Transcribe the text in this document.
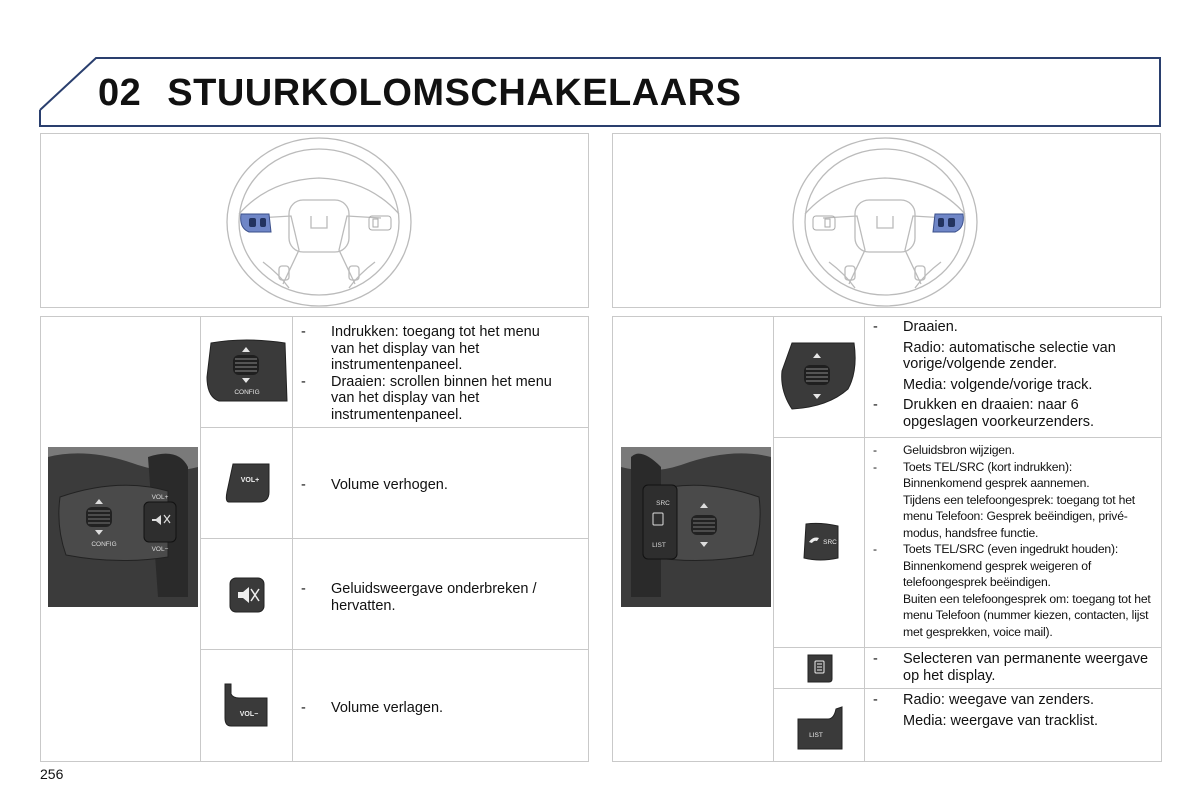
02 STUURKOLOMSCHAKELAARS
CONFIG
VOL+
VOL−
CONFIG
- Indrukken: toegang tot het menu van het display van het instrumentenpaneel.
- Draaien: scrollen binnen het menu van het display van het instrumentenpaneel.
VOL+	- Volume verhogen.
- Geluidsweergave onderbreken / hervatten.
VOL−	- Volume verlagen.
SRC
LIST
- Draaien.
Radio: automatische selectie van vorige/volgende zender.
Media: volgende/vorige track.
- Drukken en draaien: naar 6 opgeslagen voorkeurzenders.
SRC
- Geluidsbron wijzigen.
- Toets TEL/SRC (kort indrukken):
Binnenkomend gesprek aannemen.
Tijdens een telefoongesprek: toegang tot het menu Telefoon: Gesprek beëindigen, privé-modus, handsfree functie.
- Toets TEL/SRC (even ingedrukt houden):
Binnenkomend gesprek weigeren of telefoongesprek beëindigen.
Buiten een telefoongesprek om: toegang tot het menu Telefoon (nummer kiezen, contacten, lijst met gesprekken, voice mail).
- Selecteren van permanente weergave op het display.
LIST
- Radio: weegave van zenders.
Media: weergave van tracklist.
256
